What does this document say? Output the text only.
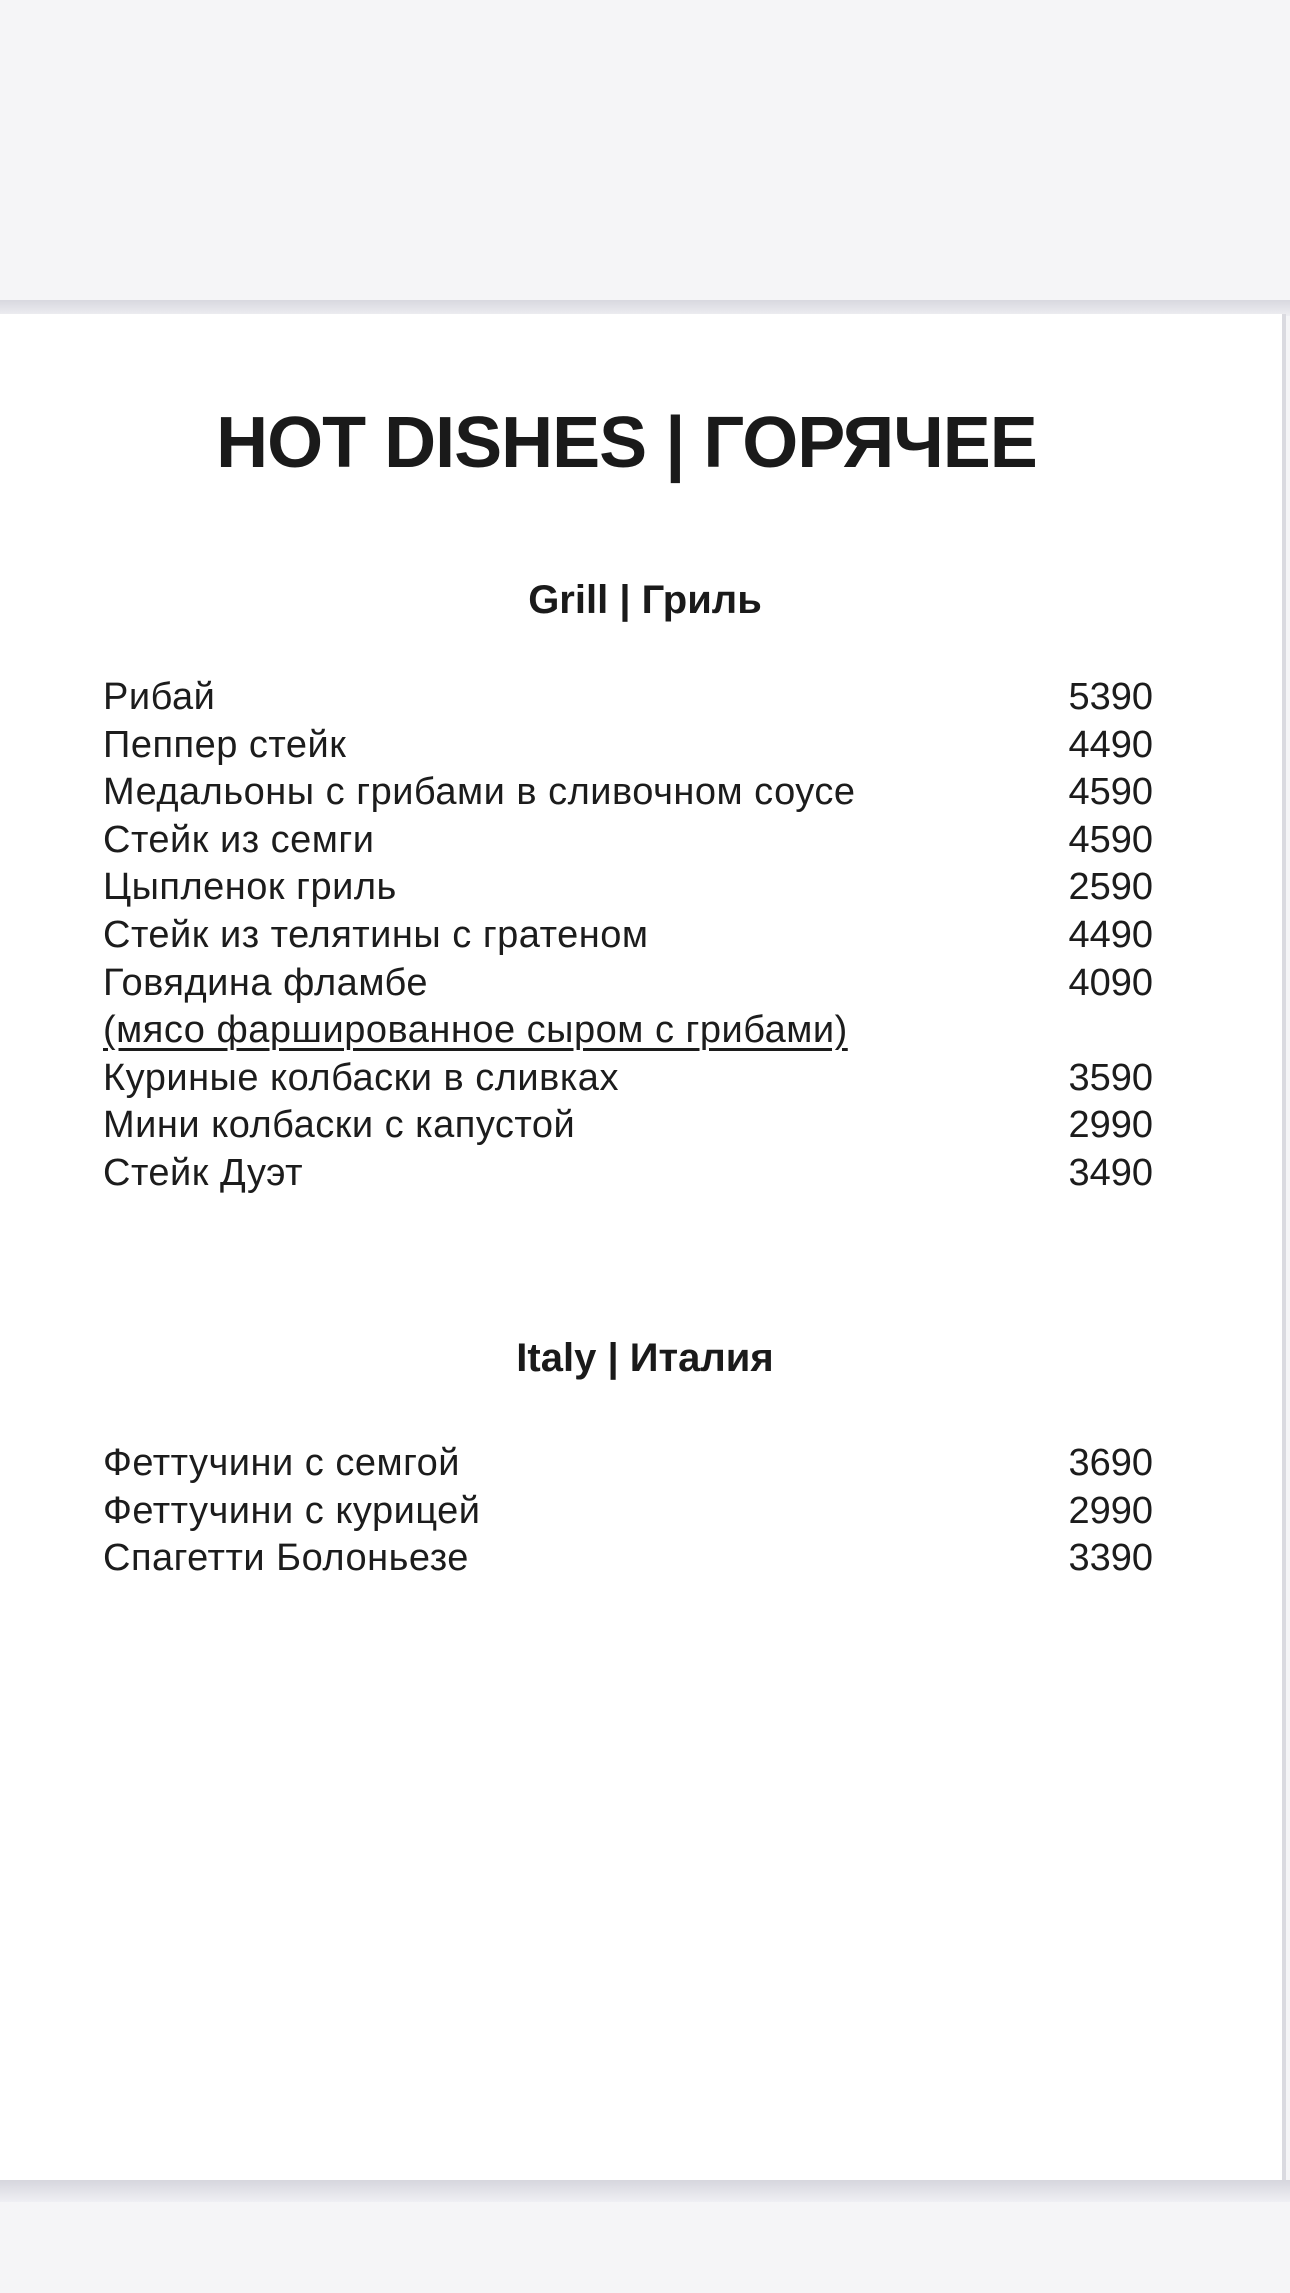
HOT DISHES | ГОРЯЧЕЕ
Grill | Гриль
Рибай	5390
Пеппер стейк	4490
Медальоны с грибами в сливочном соусе	4590
Стейк из семги	4590
Цыпленок гриль	2590
Стейк из телятины с гратеном	4490
Говядина фламбе	4090
(мясо фаршированное сыром с грибами)
Куриные колбаски в сливках	3590
Мини колбаски с капустой	2990
Стейк Дуэт	3490
Italy | Италия
Феттучини с семгой	3690
Феттучини с курицей	2990
Спагетти Болоньезе	3390
